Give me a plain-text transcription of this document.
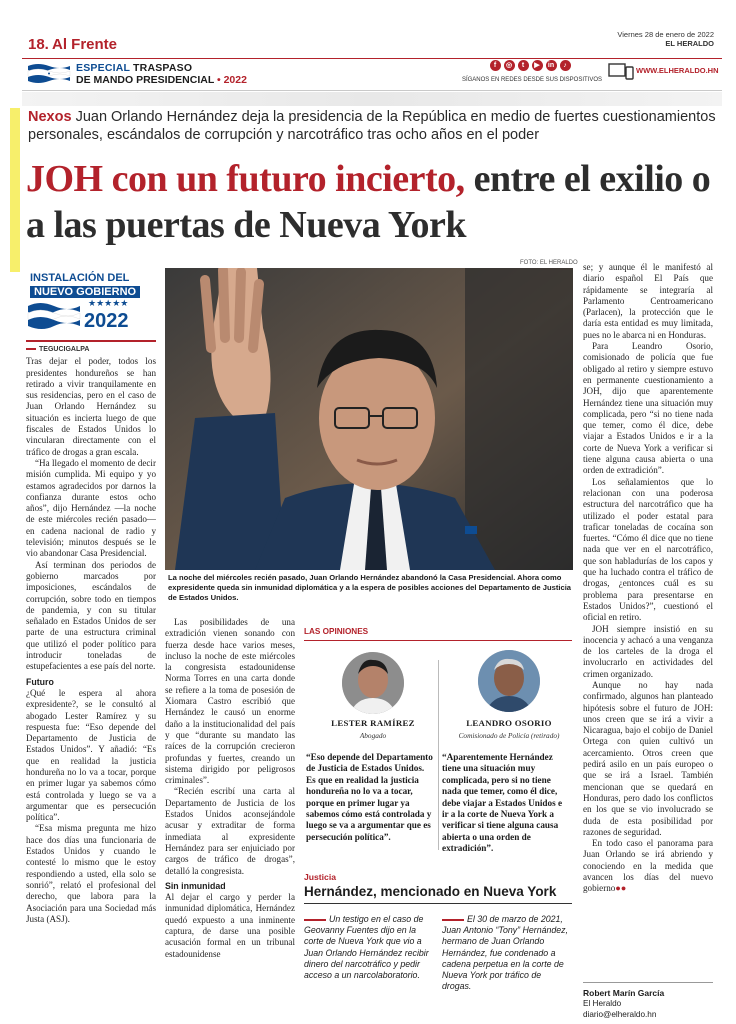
18. Al Frente
Viernes 28 de enero de 2022
EL HERALDO
ESPECIAL TRASPASO
DE MANDO PRESIDENCIAL • 2022
f	◎	t	▶	in	♪
SÍGANOS EN REDES DESDE SUS DISPOSITIVOS
WWW.ELHERALDO.HN
Nexos Juan Orlando Hernández deja la presidencia de la República en medio de fuertes cuestionamientos personales, escándalos de corrupción y narcotráfico tras ocho años en el poder
JOH con un futuro incierto, entre el exilio o a las puertas de Nueva York
FOTO: EL HERALDO
La noche del miércoles recién pasado, Juan Orlando Hernández abandonó la Casa Presidencial. Ahora como expresidente queda sin inmunidad diplomática y a la espera de posibles acciones del Departamento de Justicia de Estados Unidos.
★★★★★
INSTALACIÓN DEL
NUEVO GOBIERNO
2022
TEGUCIGALPA

Tras dejar el poder, todos los presidentes hondureños se han retirado a vivir tranquilamente en sus residencias, pero en el caso de Juan Orlando Hernández su situación es incierta luego de que fiscales de Estados Unidos lo vincularan directamente con el tráfico de drogas a gran escala.

“Ha llegado el momento de decir misión cumplida. Mi equipo y yo estamos agradecidos por darnos la confianza durante estos ocho años”, dijo Hernández —la noche de este miércoles recién pasado— en cadena nacional de radio y televisión; minutos después se le vio abandonar Casa Presidencial.

Así terminan dos periodos de gobierno marcados por imposiciones, escándalos de corrupción, sobre todo en tiempos de pandemia, y con su titular señalado en Estados Unidos de ser parte de una estructura criminal que utilizó el poder político para introducir toneladas de estupefacientes a ese país del norte.

Futuro

¿Qué le espera al ahora expresidente?, se le consultó al abogado Lester Ramírez y su respuesta fue: “Eso depende del Departamento de Justicia de Estados Unidos”. Y añadió: “Es que en realidad la justicia hondureña no lo va a tocar, porque en primer lugar ya sabemos cómo está controlada y luego se va a argumentar que es persecución política”.

“Esa misma pregunta me hizo hace dos días una funcionaria de Estados Unidos y cuando le contesté lo mismo que le estoy respondiendo a usted, ella solo se sonrió”, relató el profesional del derecho, que labora para la Asociación para una Sociedad más Justa (ASJ).

Las posibilidades de una extradición vienen sonando con fuerza desde hace varios meses, incluso la noche de este miércoles la congresista estadounidense Norma Torres en una carta donde se refiere a la toma de posesión de Xiomara Castro escribió que Hernández le causó un enorme daño a la institucionalidad del país y que “durante su mandato las raíces de la corrupción crecieron profundas y fuertes, creando un sistema dirigido por peligrosos criminales”.

“Recién escribí una carta al Departamento de Justicia de los Estados Unidos aconsejándole acusar y extraditar de forma inmediata al expresidente Hernández para ser enjuiciado por cargos de tráfico de drogas”, detalló la congresista.

Sin inmunidad

Al dejar el cargo y perder la inmunidad diplomática, Hernández quedó expuesto a una inminente captura, de darse una posible acusación formal en un tribunal estadounidense

LAS OPINIONES
LESTER RAMÍREZ
Abogado
LEANDRO OSORIO
Comisionado de Policía (retirado)
“Eso depende del Departamento de Justicia de Estados Unidos. Es que en realidad la justicia hondureña no lo va a tocar, porque en primer lugar ya sabemos cómo está controlada y luego se va a argumentar que es persecución política”.
“Aparentemente Hernández tiene una situación muy complicada, pero si no tiene nada que temer, como él dice, debe viajar a Estados Unidos e ir a la corte de Nueva York a verificar si tiene alguna causa abierta o una orden de extradición”.
Justicia
Hernández, mencionado en Nueva York
Un testigo en el caso de Geovanny Fuentes dijo en la corte de Nueva York que vio a Juan Orlando Hernández recibir dinero del narcotráfico y pedir acceso a un narcolaboratorio.
El 30 de marzo de 2021, Juan Antonio “Tony” Hernández, hermano de Juan Orlando Hernández, fue condenado a cadena perpetua en la corte de Nueva York por tráfico de drogas.

se; y aunque él le manifestó al diario español El País que rápidamente se integraría al Parlamento Centroamericano (Parlacen), la protección que le daría esta entidad es muy limitada, pues no le abarca ni en Honduras.

Para Leandro Osorio, comisionado de policía que fue obligado al retiro y siempre estuvo en permanente cuestionamiento a JOH, dijo que aparentemente Hernández tiene una situación muy complicada, pero “si no tiene nada que temer, como él dice, debe viajar a Estados Unidos e ir a la corte de Nueva York a verificar si tiene alguna causa abierta o una orden de extradición”.

Los señalamientos que lo relacionan con una poderosa estructura del narcotráfico que ha utilizado el poder estatal para traficar toneladas de cocaína son fuertes. “Cómo él dice que no tiene nada que ver en el narcotráfico, que son habladurías de los capos y que ha luchado contra el tráfico de drogas, ¿entonces cuál es su problema para presentarse en Estados Unidos?”, cuestionó el oficial en retiro.

JOH siempre insistió en su inocencia y achacó a una venganza de los carteles de la droga el involucrarlo en actividades del crimen organizado.

Aunque no hay nada confirmado, algunos han planteado hipótesis sobre el futuro de JOH: unos creen que se irá a vivir a Nicaragua, bajo el cobijo de Daniel Ortega con quien cultivó un acercamiento. Otros creen que pedirá asilo en un país europeo o que se irá a Israel. También mencionan que se quedará en Honduras, pero dado los conflictos en los que se vio involucrado se duda de esta posibilidad por razones de seguridad.

En todo caso el panorama para Juan Orlando se irá abriendo y conociendo en la medida que avancen los días del nuevo gobierno●●

Robert Marín García
El Heraldo
diario@elheraldo.hn
